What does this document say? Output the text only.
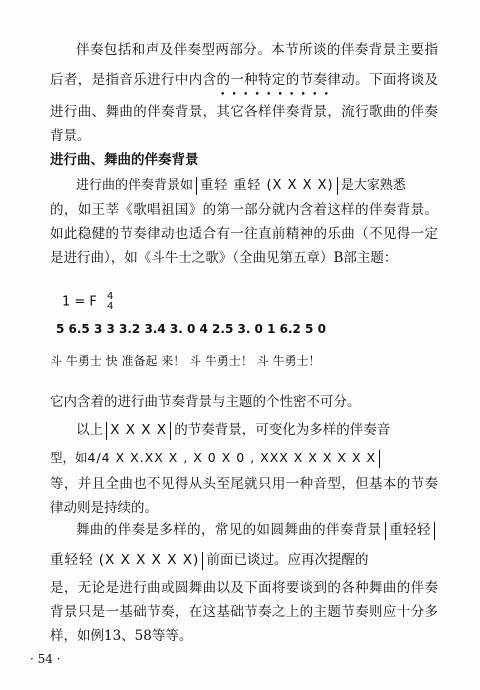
伴奏包括和声及伴奏型两部分。本节所谈的伴奏背景主要指
后者，是指音乐进行中内含的一种特定的节奏律动。下面将谈及
••••••••••
进行曲、舞曲的伴奏背景，其它各样伴奏背景，流行歌曲的伴奏
背景。
进行曲、舞曲的伴奏背景
进行曲的伴奏背景如 重轻 重轻 (X X X X) 是大家熟悉
的，如王莘《歌唱祖国》的第一部分就内含着这样的伴奏背景。
如此稳健的节奏律动也适合有一往直前精神的乐曲（不见得一定
是进行曲），如《斗牛士之歌》（全曲见第五章）B部主题：
1 = F 4
4
5 6.5 3 3 3.2 3.4 3. 0 4 2.5 3. 0 1 6.2 5 0
斗 牛勇士 快 准备起 来！ 斗 牛勇士！ 斗 牛勇士！
它内含着的进行曲节奏背景与主题的个性密不可分。
以上 X X X X 的节奏背景，可变化为多样的伴奏音
型，如4/4 X X.XX X , X 0 X 0 , XXX X X X X X X
等，并且全曲也不见得从头至尾就只用一种音型，但基本的节奏
律动则是持续的。
舞曲的伴奏是多样的，常见的如圆舞曲的伴奏背景 重轻轻
重轻轻 (X X X X X X) 前面已谈过。应再次提醒的
是，无论是进行曲或圆舞曲以及下面将要谈到的各种舞曲的伴奏
背景只是一基础节奏，在这基础节奏之上的主题节奏则应十分多
样，如例13、58等等。
· 54 ·
